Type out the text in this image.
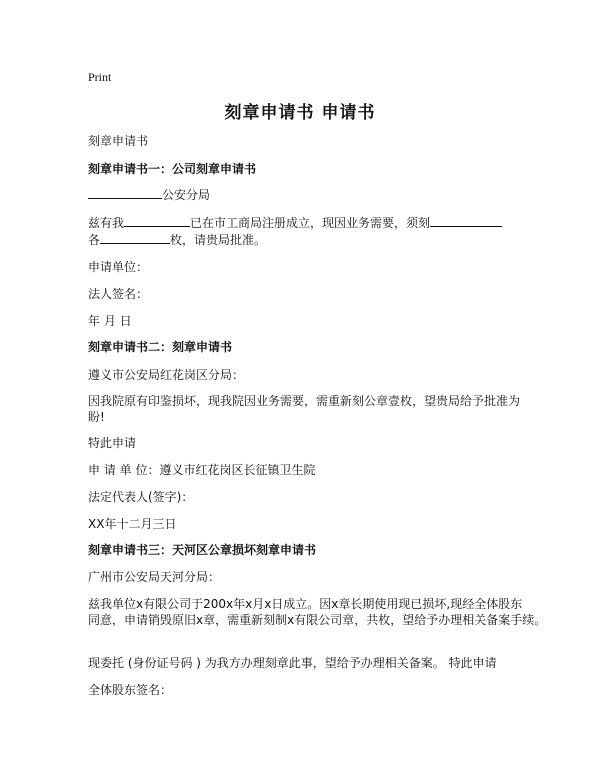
Print
刻章申请书 申请书
刻章申请书
刻章申请书一：公司刻章申请书
公安分局
兹有我	已在市工商局注册成立，现因业务需要，须刻
各	枚，请贵局批准。
申请单位：
法人签名：
年 月 日
刻章申请书二：刻章申请书
遵义市公安局红花岗区分局：
因我院原有印鉴损坏，现我院因业务需要，需重新刻公章壹枚，望贵局给予批准为
盼!
特此申请
申 请 单 位：遵义市红花岗区长征镇卫生院
法定代表人(签字)：
XX年十二月三日
刻章申请书三：天河区公章损坏刻章申请书
广州市公安局天河分局：
兹我单位x有限公司于200x年x月x日成立。因x章长期使用现已损坏,现经全体股东
同意，申请销毁原旧x章，需重新刻制x有限公司章，共枚，望给予办理相关备案手续。
现委托 (身份证号码 ) 为我方办理刻章此事，望给予办理相关备案。 特此申请
全体股东签名：
